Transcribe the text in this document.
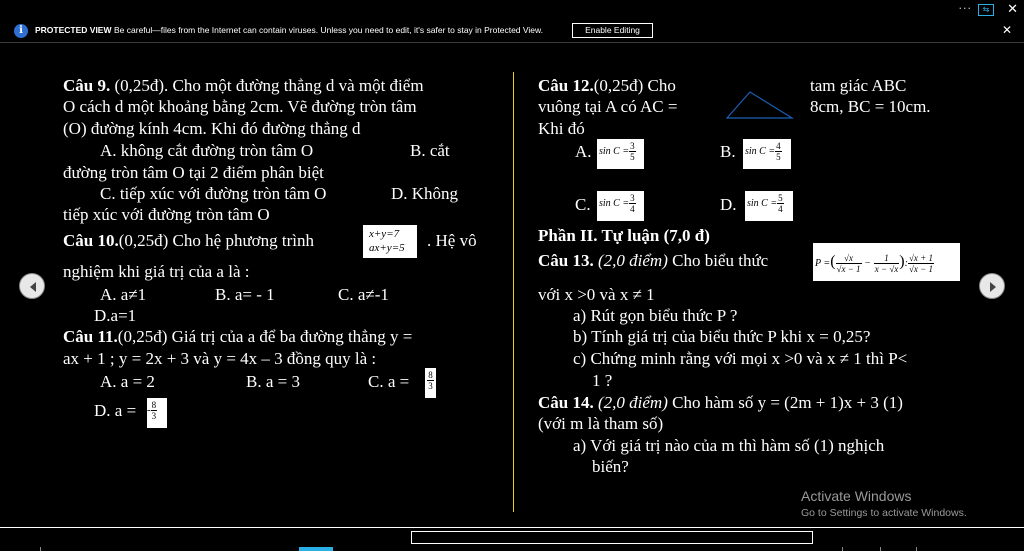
···	⇆	✕
i	PROTECTED VIEW Be careful—files from the Internet can contain viruses. Unless you need to edit, it's safer to stay in Protected View.	Enable Editing	✕
Câu 9. (0,25đ). Cho một đường thẳng d và một điểm
O cách d một khoảng bằng 2cm. Vẽ đường tròn tâm
(O) đường kính 4cm. Khi đó đường thẳng d
A. không cắt đường tròn tâm O	B. cắt
đường tròn tâm O tại 2 điểm phân biệt
C. tiếp xúc với đường tròn tâm O	D. Không
tiếp xúc với đường tròn tâm O
Câu 10.(0,25đ) Cho hệ phương trình	x+y=7
ax+y=5	. Hệ vô
nghiệm khi giá trị của a là :
A. a≠1	B. a= - 1	C. a≠-1
D.a=1
Câu 11.(0,25đ) Giá trị của a để ba đường thẳng y =
ax + 1 ; y = 2x + 3 và y = 4x – 3 đồng quy là :
A. a = 2	B. a = 3	C. $a = \frac{8}{3}$
D. a = - $\frac{8}{3}$
Câu 12.(0,25đ) Cho	tam giác ABC
vuông tại A có AC =	8cm, BC = 10cm.
Khi đó
A. $\sin C = \frac{3}{5}$	B. $\sin C = \frac{4}{5}$
C. $\sin C = \frac{3}{4}$	D. $\sin C = \frac{5}{4}$
Phần II. Tự luận (7,0 đ)
Câu 13. (2,0 điểm) Cho biểu thức	P =( $\frac{√x}{√x - 1} - \frac{1}{x - √x}$ ): $\frac{√x + 1}{√x - 1}$
với x >0 và x ≠ 1
a) Rút gọn biểu thức P ?
b) Tính giá trị của biểu thức P khi x = 0,25?
c) Chứng minh rằng với mọi x >0 và x ≠ 1 thì P<
1 ?
Câu 14. (2,0 điểm) Cho hàm số y = (2m + 1)x + 3 (1)
(với m là tham số)
a) Với giá trị nào của m thì hàm số (1) nghịch
biến?
Activate Windows
Go to Settings to activate Windows.
